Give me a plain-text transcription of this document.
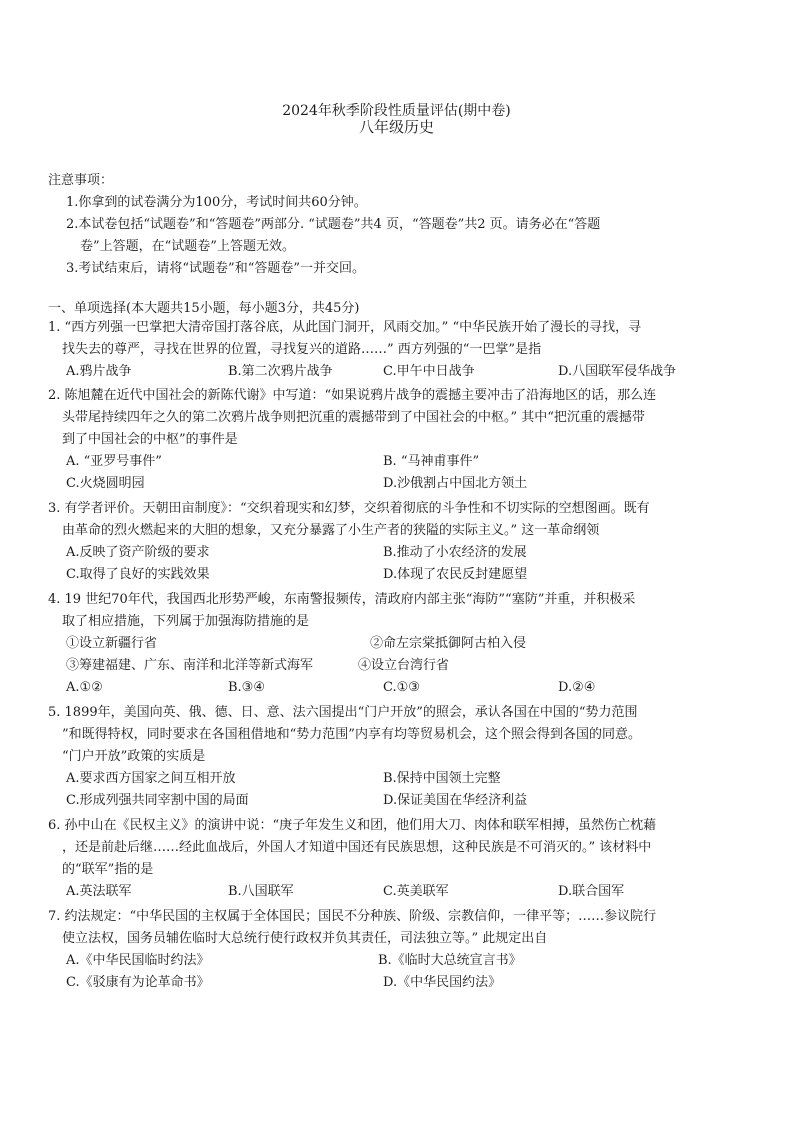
2024年秋季阶段性质量评估(期中卷)
八年级历史
注意事项：
1.你拿到的试卷满分为100分，考试时间共60分钟。
2.本试卷包括“试题卷”和“答题卷”两部分. “试题卷”共4 页，“答题卷”共2 页。请务必在“答题
卷”上答题，在“试题卷”上答题无效。
3.考试结束后，请将“试题卷”和“答题卷”一并交回。
一、单项选择(本大题共15小题，每小题3分，共45分)
1. “西方列强一巴掌把大清帝国打落谷底，从此国门洞开，风雨交加。” “中华民族开始了漫长的寻找，寻
找失去的尊严，寻找在世界的位置，寻找复兴的道路……” 西方列强的“一巴掌”是指
A.鸦片战争	B.第二次鸦片战争	C.甲午中日战争	D.八国联军侵华战争
2. 陈旭麓在近代中国社会的新陈代谢》中写道：“如果说鸦片战争的震撼主要冲击了沿海地区的话，那么连
头带尾持续四年之久的第二次鸦片战争则把沉重的震撼带到了中国社会的中枢。” 其中“把沉重的震撼带
到了中国社会的中枢”的事件是
A. “亚罗号事件”	B. “马神甫事件”
C.火烧圆明园	D.沙俄割占中国北方领土
3. 有学者评价。天朝田亩制度》：“交织着现实和幻梦，交织着彻底的斗争性和不切实际的空想图画。既有
由革命的烈火燃起来的大胆的想象，又充分暴露了小生产者的狭隘的实际主义。” 这一革命纲领
A.反映了资产阶级的要求	B.推动了小农经济的发展
C.取得了良好的实践效果	D.体现了农民反封建愿望
4. 19 世纪70年代，我国西北形势严峻，东南警报频传，清政府内部主张“海防”“塞防”并重，并积极采
取了相应措施，下列属于加强海防措施的是
①设立新疆行省	②命左宗棠抵御阿古柏入侵
③筹建福建、广东、南洋和北洋等新式海军	④设立台湾行省
A.①②	B.③④	C.①③	D.②④
5. 1899年，美国向英、俄、德、日、意、法六国提出“门户开放”的照会，承认各国在中国的“势力范围
”和既得特权，同时要求在各国租借地和“势力范围”内享有均等贸易机会，这个照会得到各国的同意。
“门户开放”政策的实质是
A.要求西方国家之间互相开放	B.保持中国领土完整
C.形成列强共同宰割中国的局面	D.保证美国在华经济利益
6. 孙中山在《民权主义》的演讲中说：“庚子年发生义和团，他们用大刀、肉体和联军相搏，虽然伤亡枕藉
，还是前赴后继……经此血战后，外国人才知道中国还有民族思想，这种民族是不可消灭的。” 该材料中
的“联军”指的是
A.英法联军	B.八国联军	C.英美联军	D.联合国军
7. 约法规定：“中华民国的主权属于全体国民；国民不分种族、阶级、宗教信仰，一律平等；……参议院行
使立法权，国务员辅佐临时大总统行使行政权并负其责任，司法独立等。” 此规定出自
A.《中华民国临时约法》	B.《临时大总统宣言书》
C.《驳康有为论革命书》	D.《中华民国约法》
